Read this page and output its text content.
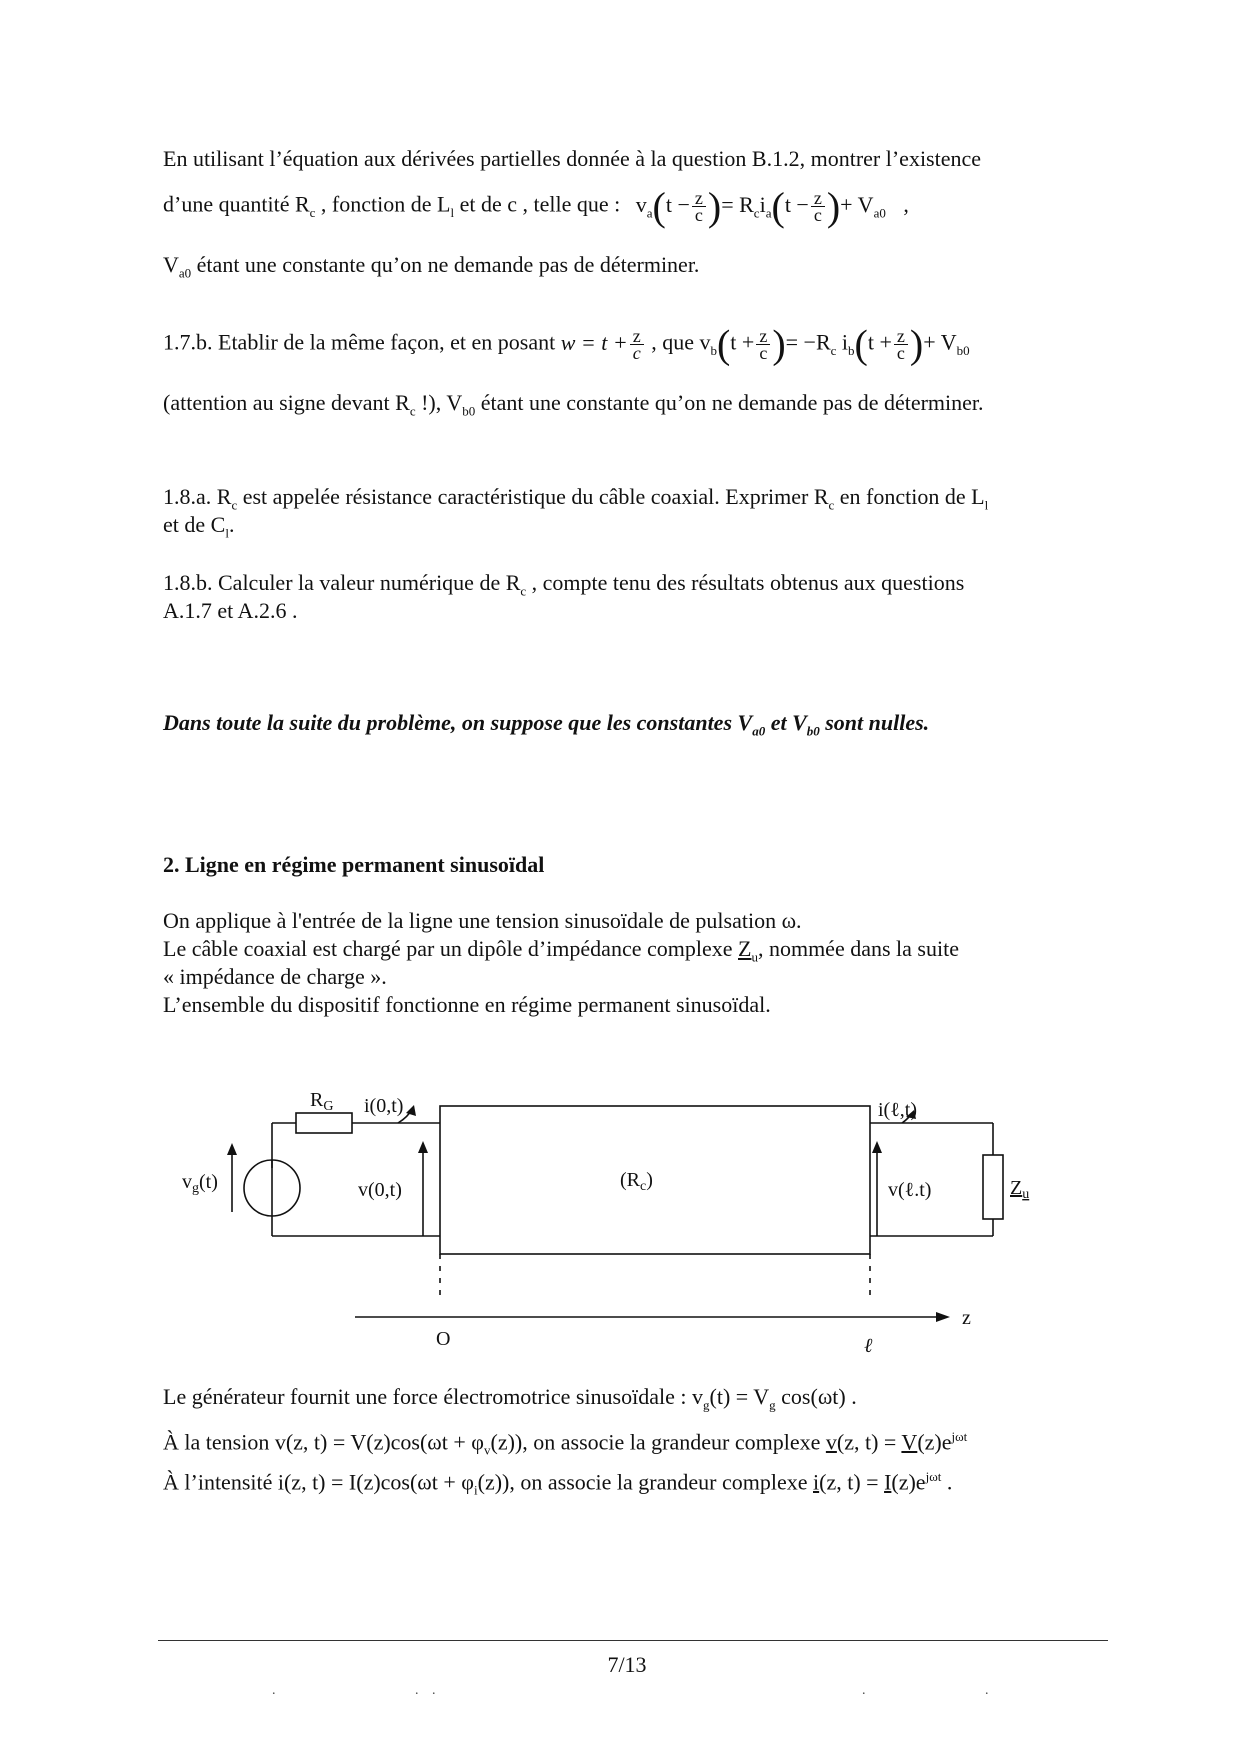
En utilisant l’équation aux dérivées partielles donnée à la question B.1.2, montrer l’existence

d’une quantité $R_c$ , fonction de $L_l$ et de c , telle que : $v_a(t - \frac{z}{c}$ )= $R_ci_a(t - \frac{z}{c}$ )+ $V_{a0}$ ,

$V_{a0}$ étant une constante qu’on ne demande pas de déterminer.

1.7.b. Etablir de la même façon, et en posant $w = t + \frac{z}{c}$ , que $v_b(t + \frac{z}{c}$ )= $-R_c$ $i_b(t + \frac{z}{c}$ )+ $V_{b0}$

(attention au signe devant $R_c$ !), $V_{b0}$ étant une constante qu’on ne demande pas de déterminer.

1.8.a. $R_c$ est appelée résistance caractéristique du câble coaxial. Exprimer $R_c$ en fonction de $L_l$

et de $C_l$.

1.8.b. Calculer la valeur numérique de $R_c$ , compte tenu des résultats obtenus aux questions

A.1.7 et A.2.6 .

Dans toute la suite du problème, on suppose que les constantes $V_{a0}$ et $V_{b0}$ sont nulles.

2. Ligne en régime permanent sinusoïdal

On applique à l'entrée de la ligne une tension sinusoïdale de pulsation ω.

Le câble coaxial est chargé par un dipôle d’impédance complexe $Z_u$, nommée dans la suite

« impédance de charge ».

L’ensemble du dispositif fonctionne en régime permanent sinusoïdal.

$R_G$ i(0,t)
$v_g(t)$	v(0,t)	$(R_c)$
i(ℓ,t)
v(ℓ.t)	$Z_u$
O	ℓ
z

Le générateur fournit une force électromotrice sinusoïdale : $v_g(t) = V_g$ cos(ωt) .

À la tension v(z, $t) = V(z)\cos(\omega t + \varphi_v(z))$, on associe la grandeur complexe v(z, $t) = V(z)e^{j\omega t}$

À l’intensité i(z, $t) = I(z)\cos(\omega t + \varphi_i(z))$, on associe la grandeur complexe i(z, $t) = I(z)e^{j\omega t}$ .

7/13
.	. .	.	.
